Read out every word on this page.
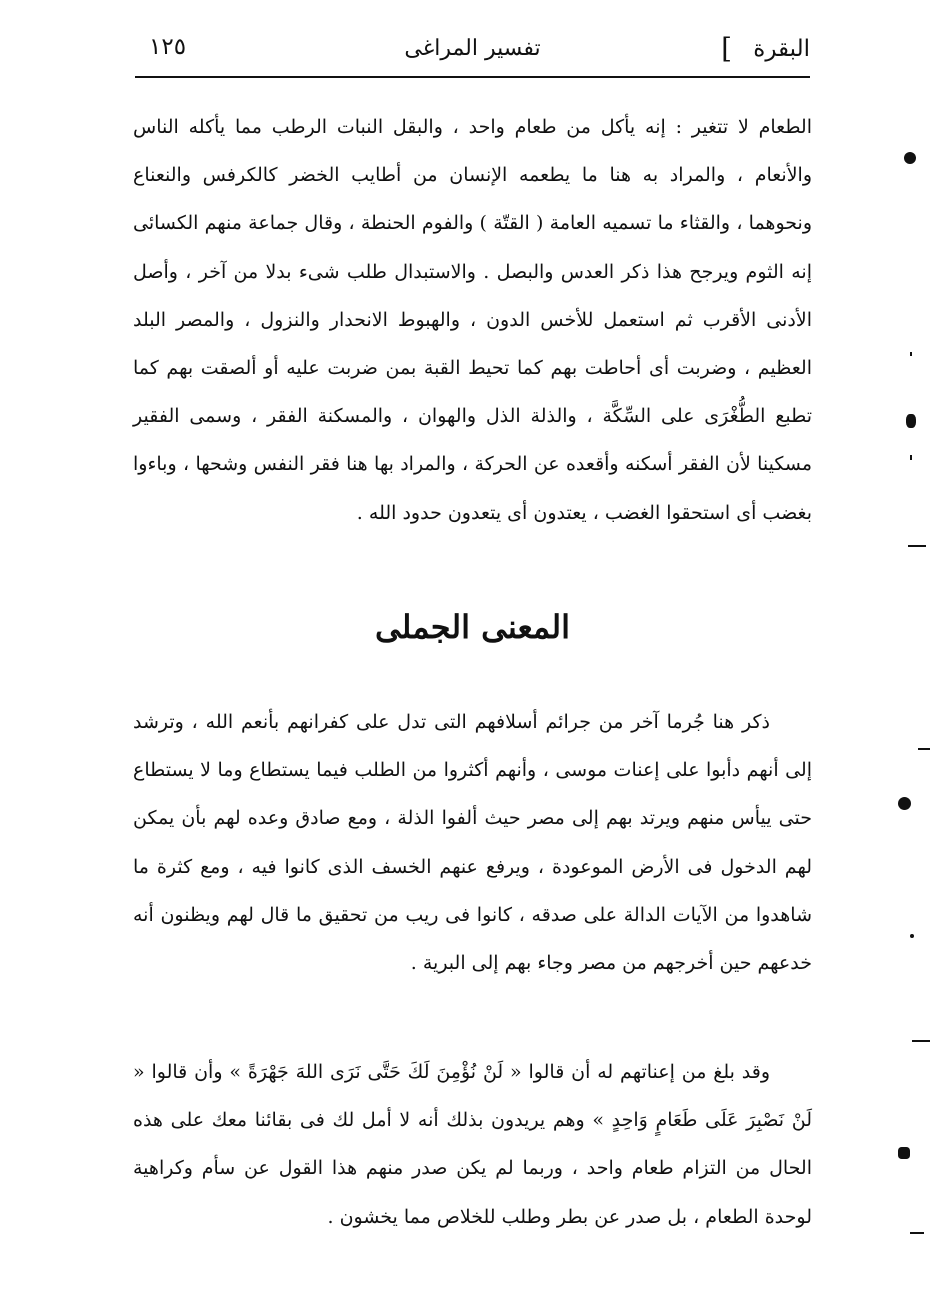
البقرة
]
تفسير المراغى
١٢٥

الطعام لا تتغير : إنه يأكل من طعام واحد ، والبقل النبات الرطب مما يأكله الناس والأنعام ، والمراد به هنا ما يطعمه الإنسان من أطايب الخضر كالكرفس والنعناع ونحوهما ، والقثاء ما تسميه العامة ( القتّة ) والفوم الحنطة ، وقال جماعة منهم الكسائى إنه الثوم ويرجح هذا ذكر العدس والبصل . والاستبدال طلب شىء بدلا من آخر ، وأصل الأدنى الأقرب ثم استعمل للأخس الدون ، والهبوط الانحدار والنزول ، والمصر البلد العظيم ، وضربت أى أحاطت بهم كما تحيط القبة بمن ضربت عليه أو ألصقت بهم كما تطبع الطُّغْرَى على السِّكَّة ، والذلة الذل والهوان ، والمسكنة الفقر ، وسمى الفقير مسكينا لأن الفقر أسكنه وأقعده عن الحركة ، والمراد بها هنا فقر النفس وشحها ، وباءوا بغضب أى استحقوا الغضب ، يعتدون أى يتعدون حدود الله .

المعنى الجملى

ذكر هنا جُرما آخر من جرائم أسلافهم التى تدل على كفرانهم بأنعم الله ، وترشد إلى أنهم دأبوا على إعنات موسى ، وأنهم أكثروا من الطلب فيما يستطاع وما لا يستطاع حتى ييأس منهم ويرتد بهم إلى مصر حيث ألفوا الذلة ، ومع صادق وعده لهم بأن يمكن لهم الدخول فى الأرض الموعودة ، ويرفع عنهم الخسف الذى كانوا فيه ، ومع كثرة ما شاهدوا من الآيات الدالة على صدقه ، كانوا فى ريب من تحقيق ما قال لهم ويظنون أنه خدعهم حين أخرجهم من مصر وجاء بهم إلى البرية .

وقد بلغ من إعناتهم له أن قالوا « لَنْ نُؤْمِنَ لَكَ حَتَّى نَرَى اللهَ جَهْرَةً » وأن قالوا « لَنْ نَصْبِرَ عَلَى طَعَامٍ وَاحِدٍ » وهم يريدون بذلك أنه لا أمل لك فى بقائنا معك على هذه الحال من التزام طعام واحد ، وربما لم يكن صدر منهم هذا القول عن سأم وكراهية لوحدة الطعام ، بل صدر عن بطر وطلب للخلاص مما يخشون .
